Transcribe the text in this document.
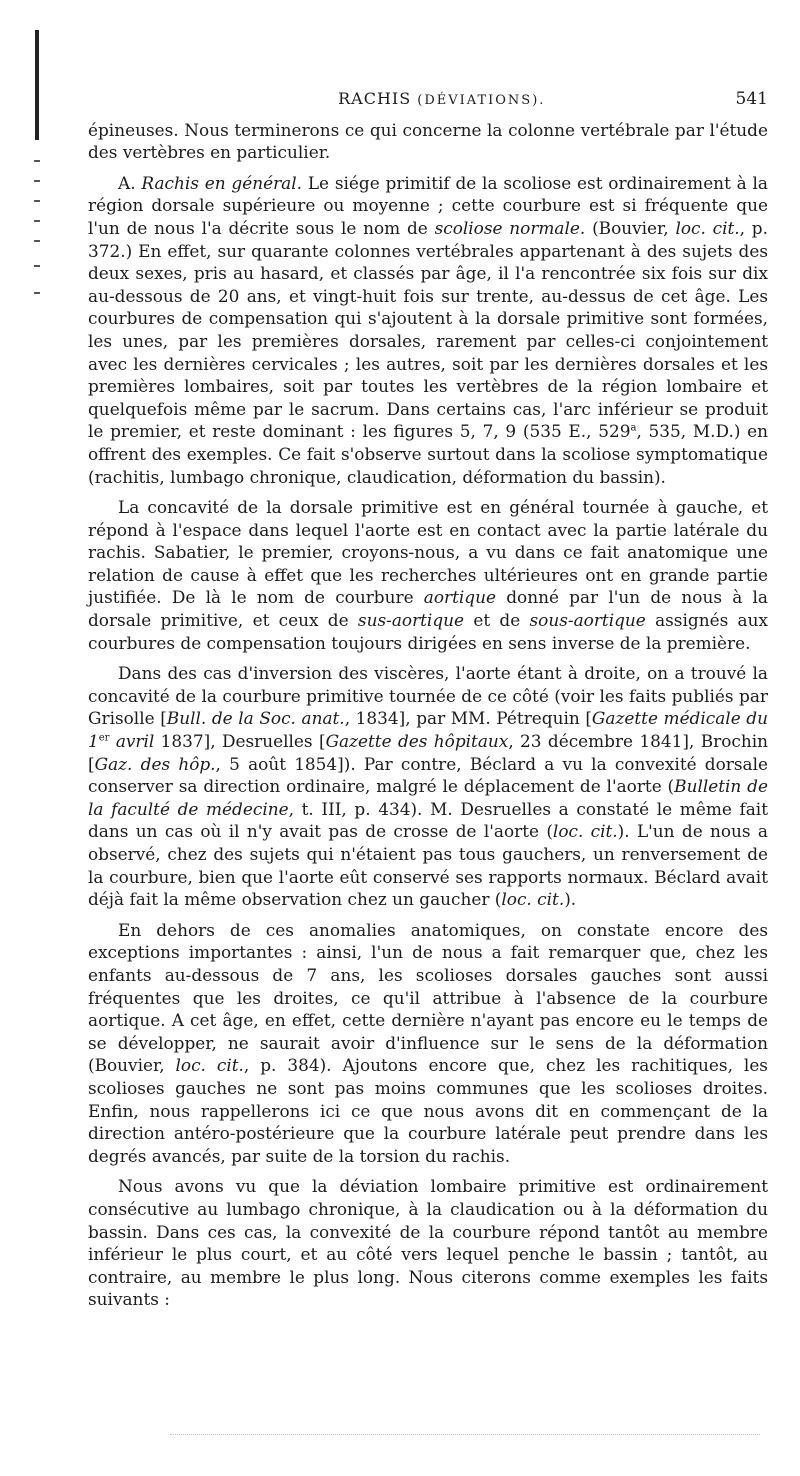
RACHIS (DÉVIATIONS).	541

épineuses. Nous terminerons ce qui concerne la colonne vertébrale par l'étude des vertèbres en particulier.

A. Rachis en général. Le siége primitif de la scoliose est ordinairement à la région dorsale supérieure ou moyenne ; cette courbure est si fréquente que l'un de nous l'a décrite sous le nom de scoliose normale. (Bouvier, loc. cit., p. 372.) En effet, sur quarante colonnes vertébrales appartenant à des sujets des deux sexes, pris au hasard, et classés par âge, il l'a rencontrée six fois sur dix au-dessous de 20 ans, et vingt-huit fois sur trente, au-dessus de cet âge. Les courbures de compensation qui s'ajoutent à la dorsale primitive sont formées, les unes, par les premières dorsales, rarement par celles-ci conjointement avec les dernières cervicales ; les autres, soit par les dernières dorsales et les premières lombaires, soit par toutes les vertèbres de la région lombaire et quelquefois même par le sacrum. Dans certains cas, l'arc inférieur se produit le premier, et reste dominant : les figures 5, 7, 9 (535 E., 529$^a$, 535, M.D.) en offrent des exemples. Ce fait s'observe surtout dans la scoliose symptomatique (rachitis, lumbago chronique, claudication, déformation du bassin).

La concavité de la dorsale primitive est en général tournée à gauche, et répond à l'espace dans lequel l'aorte est en contact avec la partie latérale du rachis. Sabatier, le premier, croyons-nous, a vu dans ce fait anatomique une relation de cause à effet que les recherches ultérieures ont en grande partie justifiée. De là le nom de courbure aortique donné par l'un de nous à la dorsale primitive, et ceux de sus-aortique et de sous-aortique assignés aux courbures de compensation toujours dirigées en sens inverse de la première.

Dans des cas d'inversion des viscères, l'aorte étant à droite, on a trouvé la concavité de la courbure primitive tournée de ce côté (voir les faits publiés par Grisolle [Bull. de la Soc. anat., 1834], par MM. Pétrequin [Gazette médicale du 1er avril 1837], Desruelles [Gazette des hôpitaux, 23 décembre 1841], Brochin [Gaz. des hôp., 5 août 1854]). Par contre, Béclard a vu la convexité dorsale conserver sa direction ordinaire, malgré le déplacement de l'aorte (Bulletin de la faculté de médecine, t. III, p. 434). M. Desruelles a constaté le même fait dans un cas où il n'y avait pas de crosse de l'aorte (loc. cit.). L'un de nous a observé, chez des sujets qui n'étaient pas tous gauchers, un renversement de la courbure, bien que l'aorte eût conservé ses rapports normaux. Béclard avait déjà fait la même observation chez un gaucher (loc. cit.).

En dehors de ces anomalies anatomiques, on constate encore des exceptions importantes : ainsi, l'un de nous a fait remarquer que, chez les enfants au-dessous de 7 ans, les scolioses dorsales gauches sont aussi fréquentes que les droites, ce qu'il attribue à l'absence de la courbure aortique. A cet âge, en effet, cette dernière n'ayant pas encore eu le temps de se développer, ne saurait avoir d'influence sur le sens de la déformation (Bouvier, loc. cit., p. 384). Ajoutons encore que, chez les rachitiques, les scolioses gauches ne sont pas moins communes que les scolioses droites. Enfin, nous rappellerons ici ce que nous avons dit en commençant de la direction antéro-postérieure que la courbure latérale peut prendre dans les degrés avancés, par suite de la torsion du rachis.

Nous avons vu que la déviation lombaire primitive est ordinairement consécutive au lumbago chronique, à la claudication ou à la déformation du bassin. Dans ces cas, la convexité de la courbure répond tantôt au membre inférieur le plus court, et au côté vers lequel penche le bassin ; tantôt, au contraire, au membre le plus long. Nous citerons comme exemples les faits suivants :
